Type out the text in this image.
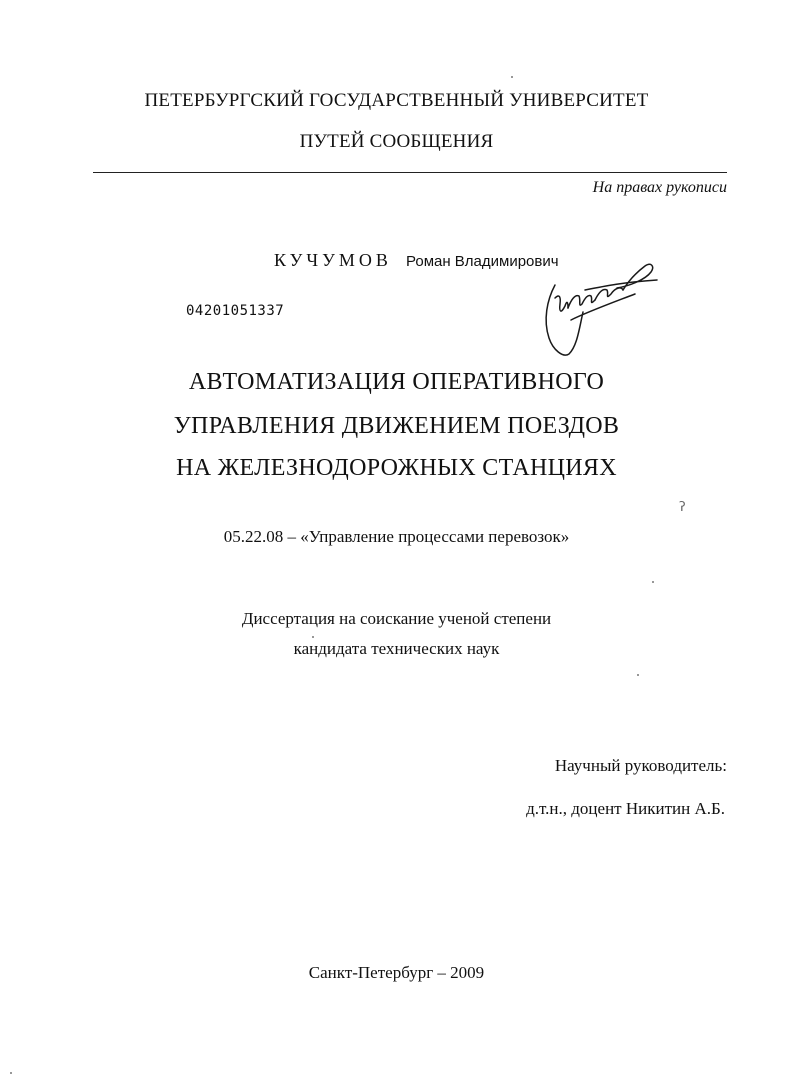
ПЕТЕРБУРГСКИЙ ГОСУДАРСТВЕННЫЙ УНИВЕРСИТЕТ
ПУТЕЙ СООБЩЕНИЯ
На правах рукописи
КУЧУМОВ Роман Владимирович
04201051337
АВТОМАТИЗАЦИЯ ОПЕРАТИВНОГО
УПРАВЛЕНИЯ ДВИЖЕНИЕМ ПОЕЗДОВ
НА ЖЕЛЕЗНОДОРОЖНЫХ СТАНЦИЯХ
ʔ
05.22.08 – «Управление процессами перевозок»
Диссертация на соискание ученой степени
кандидата технических наук
Научный руководитель:
д.т.н., доцент Никитин А.Б.
Санкт-Петербург – 2009
